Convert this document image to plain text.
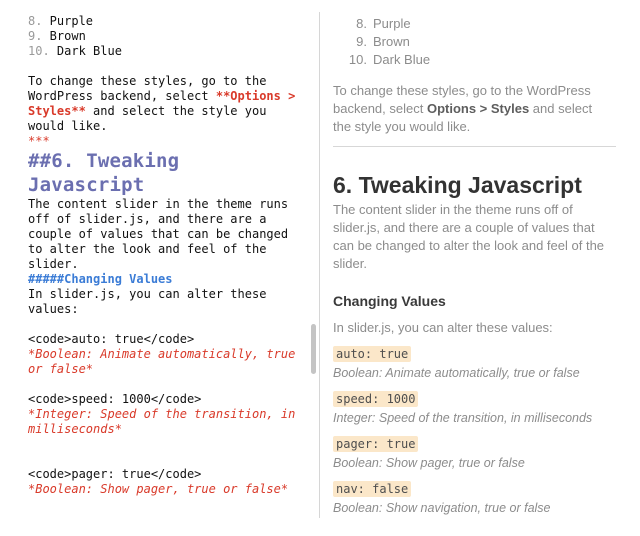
8. Purple
9. Brown
10. Dark Blue
To change these styles, go to the
WordPress backend, select **Options >
Styles** and select the style you
would like.
***
##6. Tweaking
Javascript
The content slider in the theme runs
off of slider.js, and there are a
couple of values that can be changed
to alter the look and feel of the
slider.
#####Changing Values
In slider.js, you can alter these
values:
<code>auto: true</code>
*Boolean: Animate automatically, true
or false*
<code>speed: 1000</code>
*Integer: Speed of the transition, in
milliseconds*
<code>pager: true</code>
*Boolean: Show pager, true or false*
8. Purple
9. Brown
10. Dark Blue
To change these styles, go to the WordPress
backend, select Options > Styles and select
the style you would like.
6. Tweaking Javascript
The content slider in the theme runs off of
slider.js, and there are a couple of values that
can be changed to alter the look and feel of the
slider.
Changing Values
In slider.js, you can alter these values:
auto: true
Boolean: Animate automatically, true or false
speed: 1000
Integer: Speed of the transition, in milliseconds
pager: true
Boolean: Show pager, true or false
nav: false
Boolean: Show navigation, true or false
